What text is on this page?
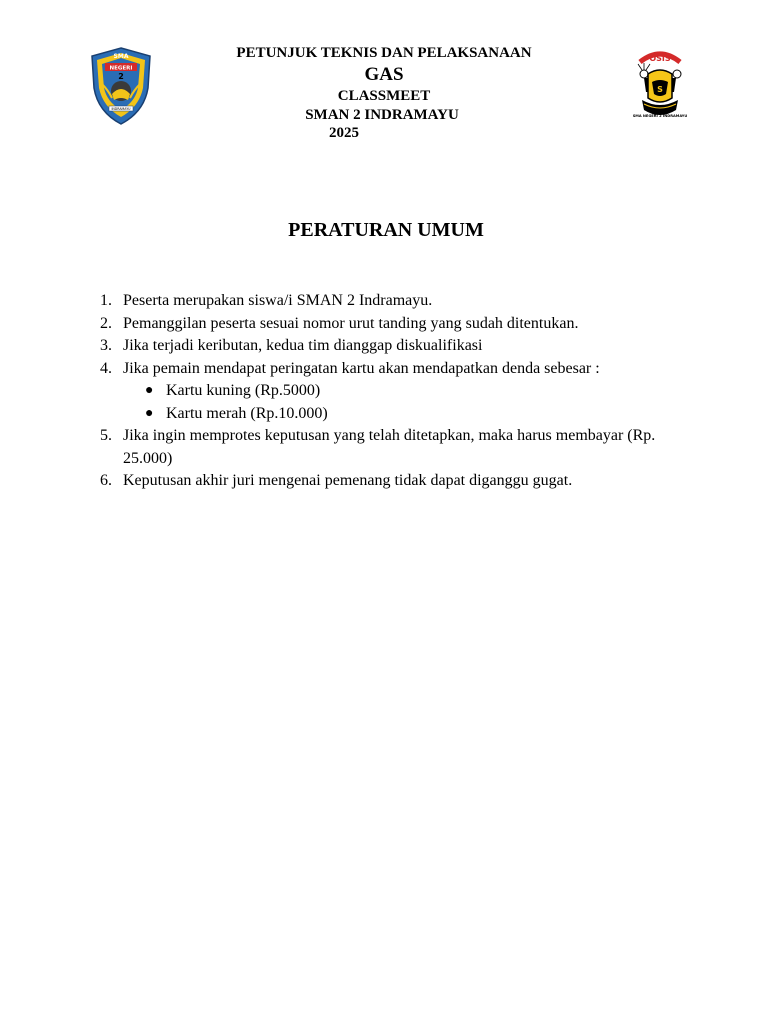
SMA
NEGERI
2
INDRAMAYU
OSIS
S
SMA NEGERI 2 INDRAMAYU

PETUNJUK TEKNIS DAN PELAKSANAAN

GAS

CLASSMEET

SMAN 2 INDRAMAYU

2025

PERATURAN UMUM
1. Peserta merupakan siswa/i SMAN 2 Indramayu.
2. Pemanggilan peserta sesuai nomor urut tanding yang sudah ditentukan.
3. Jika terjadi keributan, kedua tim dianggap diskualifikasi
4. Jika pemain mendapat peringatan kartu akan mendapatkan denda sebesar :
● Kartu kuning (Rp.5000)
● Kartu merah (Rp.10.000)
5. Jika ingin memprotes keputusan yang telah ditetapkan, maka harus membayar (Rp. 25.000)
6. Keputusan akhir juri mengenai pemenang tidak dapat diganggu gugat.
